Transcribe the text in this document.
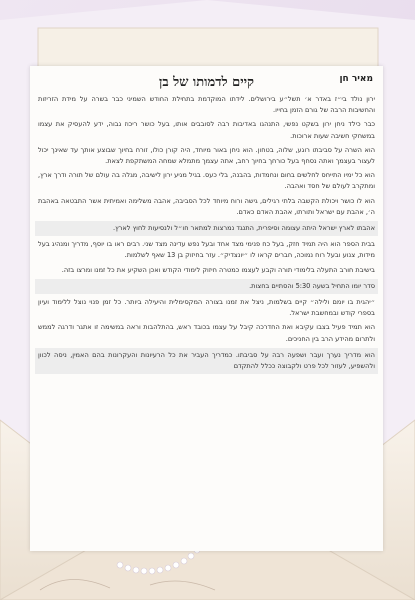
מאיר חן
קיים לדמותו של בן

ירון נולד בי״ז באדר א׳ תשל״ע בירושלים. לידתו המוקדמת בתחילת החודש השמיני כבר בשרה על מידת הזריזות והחשיבות הרבה של גורם הזמן בחייו.

כבר כילד ניחן ירון בשקט נפשי, התנהגו באדיבות רבה לסובבים אותו, בעל כושר ריכוז גבוה, ידע להעסיק את עצמו במשחקי חשיבה שעות ארוכות.

הוא השרה על סביבתו רוגע, שלוה, בטחון. הוא ניחן באור מיוחד, היה קורן כולו, זורח בחיוך שבוצע אותך עד שאינך יכול לעצור בעצמך ואתה נסחף בעל כורחך בחיוך רחב, אתה עצמך מתמלא שמחה המשתקפת לצאת.

הוא כל ימיו התייחס לחלשים בחום ונחמדות, בהבנה, בלי כעס. בגיל מגיע ירון לישיבה, מגלה בה עולם של תורה ודרך ארץ, ומתקרב לעולם של חסד ואהבה.

הוא לו כושר ויכולת הקשבה בלתי רגילים, גישה ורוח מיוחד לכל הסביבה, אהבה משלימה ואמיתית אשר התבטאה באהבת ה׳, אהבת עם ישראל ותורתו, אהבת האדם כאדם.

אהבתו לארץ ישראל היתה עצומה וסיפרית, התנגד נמרצות למתאר חו״ל ולנסיעות לחוץ לארץ.

בבית הספר הוא היה תמיד חזק, בעל כח פנימי מצד אחד ובעל נפש עדינה מצד שני. רבים ראו בו יוסף, מדריך ומנהיג בעל מידות, צנוע ובעל רוח נמוכה, חברים קראו לו ״יונצדיק״. עזר בחיזוק בן 13 שאף לשלמות.

בישיבת חורב התעלה בלימודי תורה וקבע לעצמו כמטרה חיזוק לימודי הקודש ואכן השקיע את כל זמנו ומרצו בזה.

סדר יומו התחיל בשעה 5:30 והסתיים בחצות.

״יהגית בו יומם ולילה״ קיים בשלמות, ניצל את זמנו בצורה המקסימלית והיעילה ביותר. כל זמן פנוי נוצל ללימוד ועיון בספרי קודש ובמחשבת ישראל.

הוא תמיד פעיל בצבו עקיבא ואת החדרכה קיבל על עצמו בכובד ראש, בהתלהבות וראה במשימה זו אתגר ודרגה לממש ולתרום מהידע הרב בין החניכים.

הוא מדריך נערך ועבר ושפעה רבה על סביבתו. כמדריך העביר את כל הרעיונות והעקרונות בהם האמין, ניסה לכוון ולהשפיע, לעזור לכל פרט ולקבוצה ככלל להתקדם
